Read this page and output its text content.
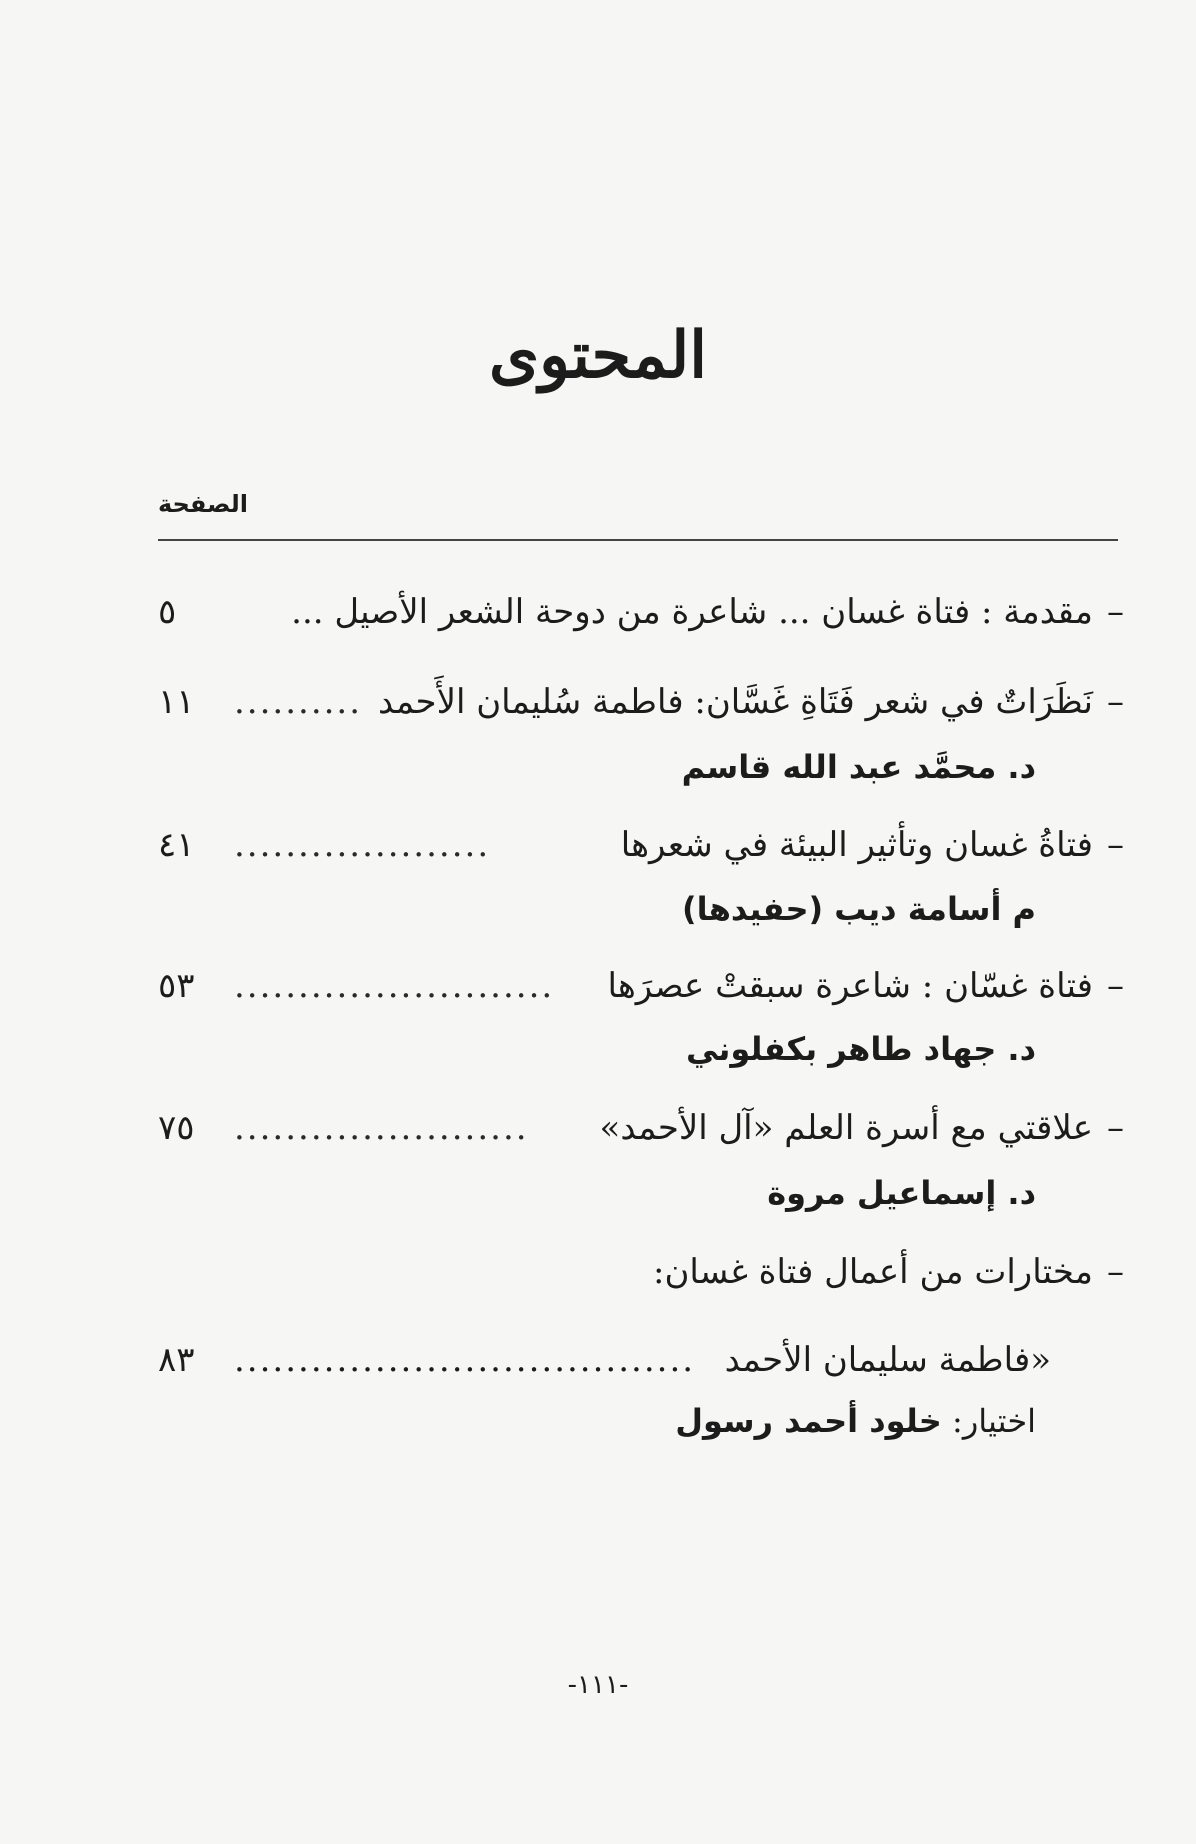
المحتوى
الصفحة
–
مقدمة : فتاة غسان ... شاعرة من دوحة الشعر الأصيل ...
٥
–
نَظَرَاتٌ في شعر فَتَاةِ غَسَّان: فاطمة سُليمان الأَحمد
..........
١١
د. محمَّد عبد الله قاسم
–
فتاةُ غسان وتأثير البيئة في شعرها
....................
٤١
م أسامة ديب (حفيدها)
–
فتاة غسّان : شاعرة سبقتْ عصرَها
.........................
٥٣
د. جهاد طاهر بكفلوني
–
علاقتي مع أسرة العلم «آل الأحمد»
.......................
٧٥
د. إسماعيل مروة
–
مختارات من أعمال فتاة غسان:
«فاطمة سليمان الأحمد
....................................
٨٣
اختيار: خلود أحمد رسول
-١١١-
